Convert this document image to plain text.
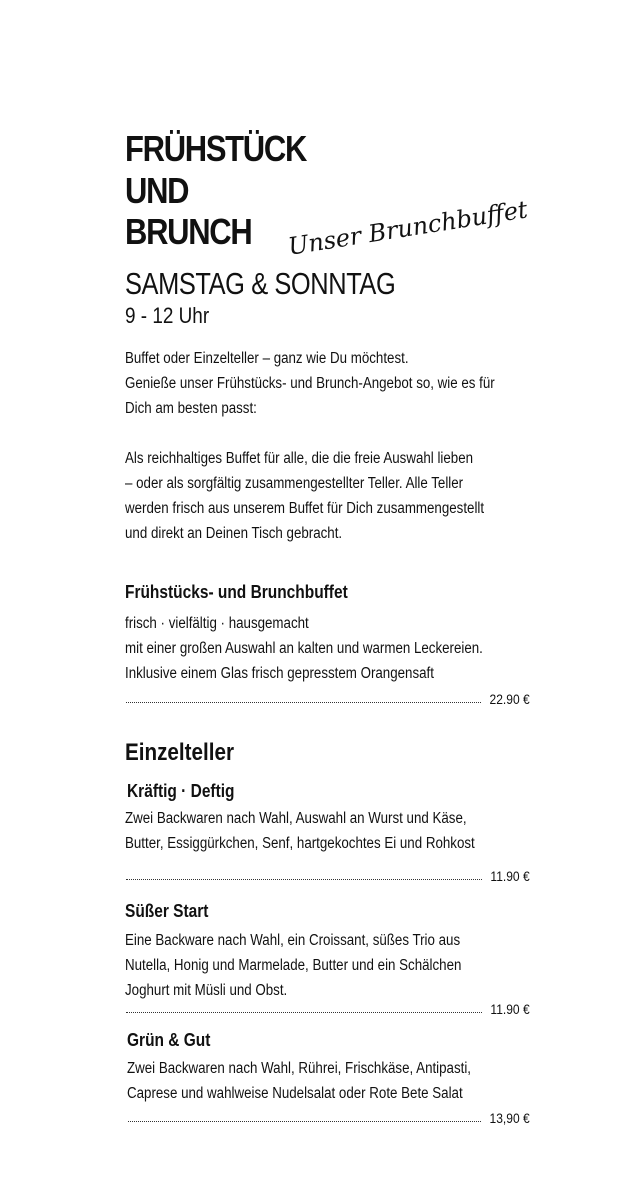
FRÜHSTÜCK
UND
BRUNCH Unser Brunchbuffet
SAMSTAG & SONNTAG
9 - 12 Uhr
Buffet oder Einzelteller – ganz wie Du möchtest.
Genieße unser Frühstücks- und Brunch-Angebot so, wie es für
Dich am besten passt:
Als reichhaltiges Buffet für alle, die die freie Auswahl lieben
– oder als sorgfältig zusammengestellter Teller. Alle Teller
werden frisch aus unserem Buffet für Dich zusammengestellt
und direkt an Deinen Tisch gebracht.
Frühstücks- und Brunchbuffet
frisch · vielfältig · hausgemacht
mit einer großen Auswahl an kalten und warmen Leckereien.
Inklusive einem Glas frisch gepresstem Orangensaft
22.90 €
Einzelteller
Kräftig · Deftig
Zwei Backwaren nach Wahl, Auswahl an Wurst und Käse,
Butter, Essiggürkchen, Senf, hartgekochtes Ei und Rohkost
11.90 €
Süßer Start
Eine Backware nach Wahl, ein Croissant, süßes Trio aus
Nutella, Honig und Marmelade, Butter und ein Schälchen
Joghurt mit Müsli und Obst.
11.90 €
Grün & Gut
Zwei Backwaren nach Wahl, Rührei, Frischkäse, Antipasti,
Caprese und wahlweise Nudelsalat oder Rote Bete Salat
13,90 €
